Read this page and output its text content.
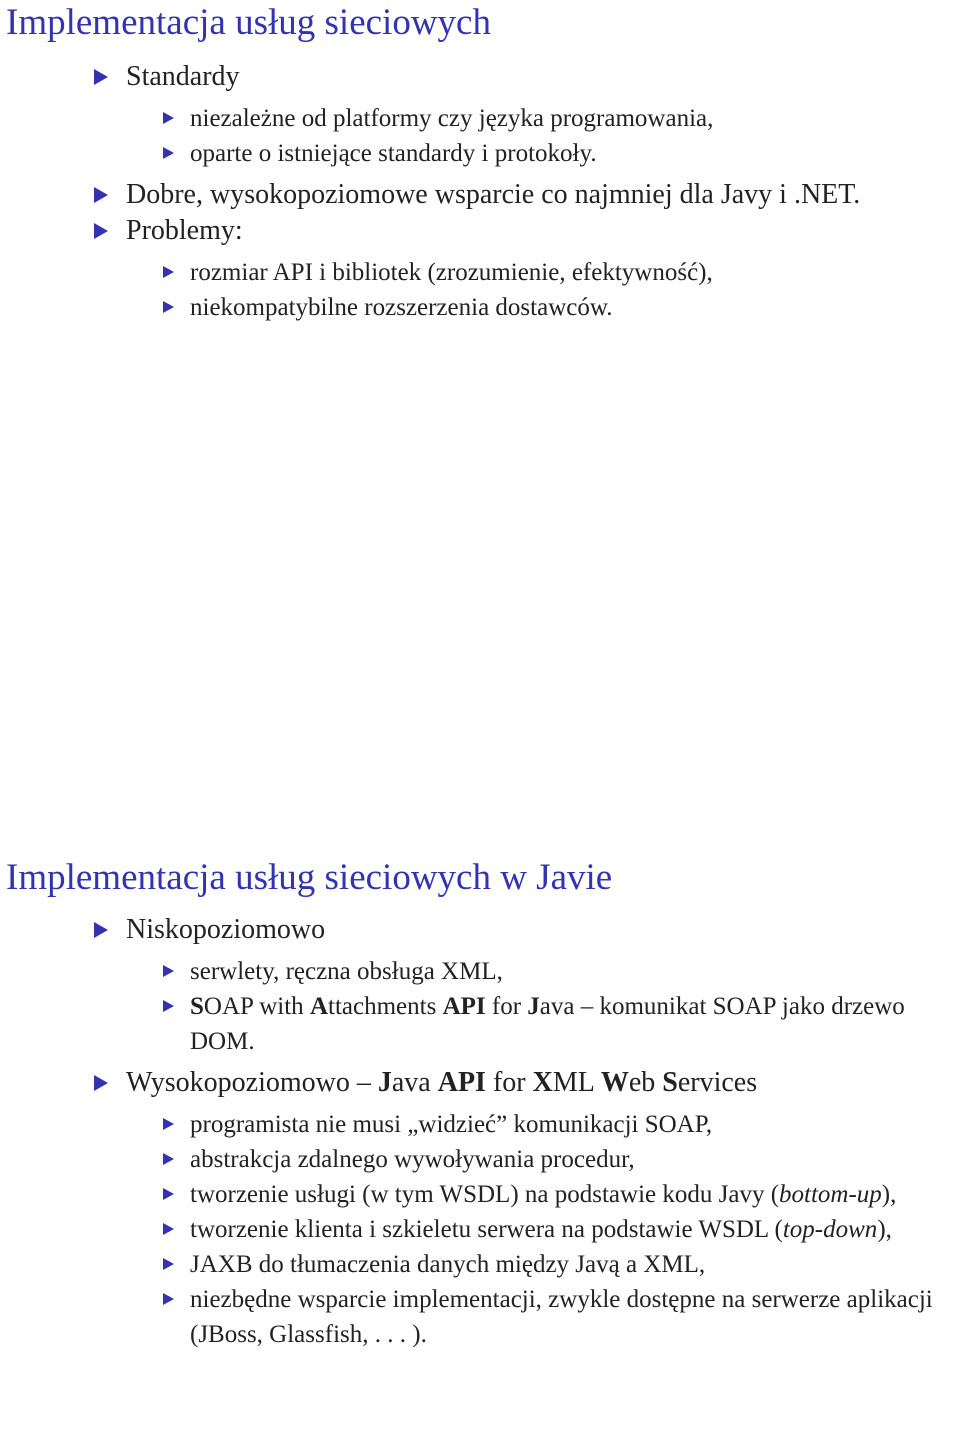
Implementacja usług sieciowych
Standardy
niezależne od platformy czy języka programowania,
oparte o istniejące standardy i protokoły.
Dobre, wysokopoziomowe wsparcie co najmniej dla Javy i .NET.
Problemy:
rozmiar API i bibliotek (zrozumienie, efektywność),
niekompatybilne rozszerzenia dostawców.
Implementacja usług sieciowych w Javie
Niskopoziomowo
serwlety, ręczna obsługa XML,
SOAP with Attachments API for Java – komunikat SOAP jako drzewo DOM.
Wysokopoziomowo – Java API for XML Web Services
programista nie musi „widzieć” komunikacji SOAP,
abstrakcja zdalnego wywoływania procedur,
tworzenie usługi (w tym WSDL) na podstawie kodu Javy (bottom-up),
tworzenie klienta i szkieletu serwera na podstawie WSDL (top-down),
JAXB do tłumaczenia danych między Javą a XML,
niezbędne wsparcie implementacji, zwykle dostępne na serwerze aplikacji (JBoss, Glassfish, . . . ).
